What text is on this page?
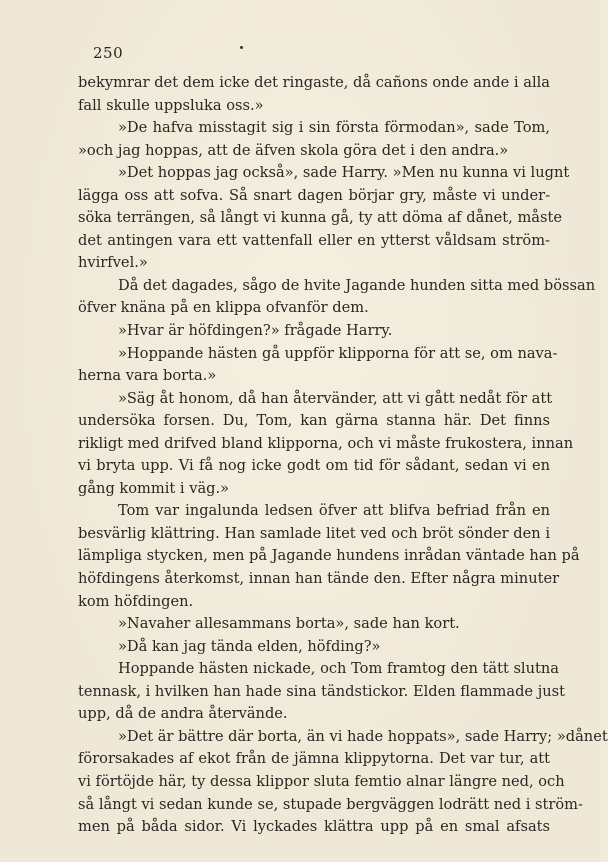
250
bekymrar det dem icke det ringaste, då cañons onde ande i alla
fall skulle uppsluka oss.»
»De hafva misstagit sig i sin första förmodan», sade Tom,
»och jag hoppas, att de äfven skola göra det i den andra.»
»Det hoppas jag också», sade Harry. »Men nu kunna vi lugnt
lägga oss att sofva. Så snart dagen börjar gry, måste vi under-
söka terrängen, så långt vi kunna gå, ty att döma af dånet, måste
det antingen vara ett vattenfall eller en ytterst våldsam ström-
hvirfvel.»
Då det dagades, sågo de hvite Jagande hunden sitta med bössan
öfver knäna på en klippa ofvanför dem.
»Hvar är höfdingen?» frågade Harry.
»Hoppande hästen gå uppför klipporna för att se, om nava-
herna vara borta.»
»Säg åt honom, då han återvänder, att vi gått nedåt för att
undersöka forsen. Du, Tom, kan gärna stanna här. Det finns
rikligt med drifved bland klipporna, och vi måste frukostera, innan
vi bryta upp. Vi få nog icke godt om tid för sådant, sedan vi en
gång kommit i väg.»
Tom var ingalunda ledsen öfver att blifva befriad från en
besvärlig klättring. Han samlade litet ved och bröt sönder den i
lämpliga stycken, men på Jagande hundens inrådan väntade han på
höfdingens återkomst, innan han tände den. Efter några minuter
kom höfdingen.
»Navaher allesammans borta», sade han kort.
»Då kan jag tända elden, höfding?»
Hoppande hästen nickade, och Tom framtog den tätt slutna
tennask, i hvilken han hade sina tändstickor. Elden flammade just
upp, då de andra återvände.
»Det är bättre där borta, än vi hade hoppats», sade Harry; »dånet
förorsakades af ekot från de jämna klippytorna. Det var tur, att
vi förtöjde här, ty dessa klippor sluta femtio alnar längre ned, och
så långt vi sedan kunde se, stupade bergväggen lodrätt ned i ström-
men på båda sidor. Vi lyckades klättra upp på en smal afsats
